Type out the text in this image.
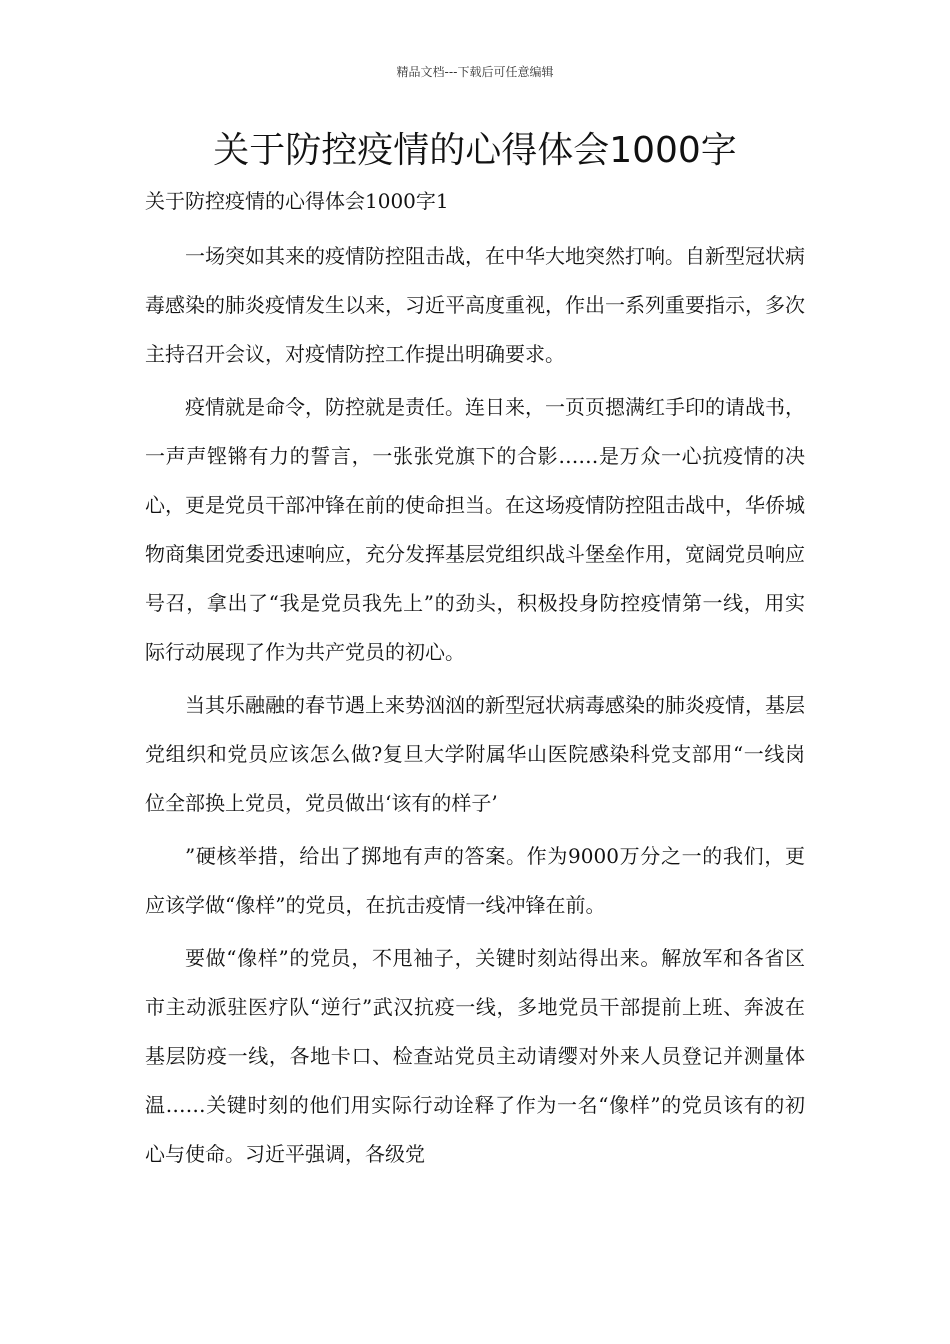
精品文档---下载后可任意编辑
关于防控疫情的心得体会1000字
关于防控疫情的心得体会1000字1

一场突如其来的疫情防控阻击战，在中华大地突然打响。自新型冠状病毒感染的肺炎疫情发生以来，习近平高度重视，作出一系列重要指示，多次主持召开会议，对疫情防控工作提出明确要求。

疫情就是命令，防控就是责任。连日来，一页页摁满红手印的请战书，一声声铿锵有力的誓言，一张张党旗下的合影……是万众一心抗疫情的决心，更是党员干部冲锋在前的使命担当。在这场疫情防控阻击战中，华侨城物商集团党委迅速响应，充分发挥基层党组织战斗堡垒作用，宽阔党员响应号召，拿出了“我是党员我先上”的劲头，积极投身防控疫情第一线，用实际行动展现了作为共产党员的初心。

当其乐融融的春节遇上来势汹汹的新型冠状病毒感染的肺炎疫情，基层党组织和党员应该怎么做?复旦大学附属华山医院感染科党支部用“一线岗位全部换上党员，党员做出‘该有的样子’

”硬核举措，给出了掷地有声的答案。作为9000万分之一的我们，更应该学做“像样”的党员，在抗击疫情一线冲锋在前。

要做“像样”的党员，不甩袖子，关键时刻站得出来。解放军和各省区市主动派驻医疗队“逆行”武汉抗疫一线，多地党员干部提前上班、奔波在基层防疫一线，各地卡口、检查站党员主动请缨对外来人员登记并测量体温……关键时刻的他们用实际行动诠释了作为一名“像样”的党员该有的初心与使命。习近平强调，各级党
